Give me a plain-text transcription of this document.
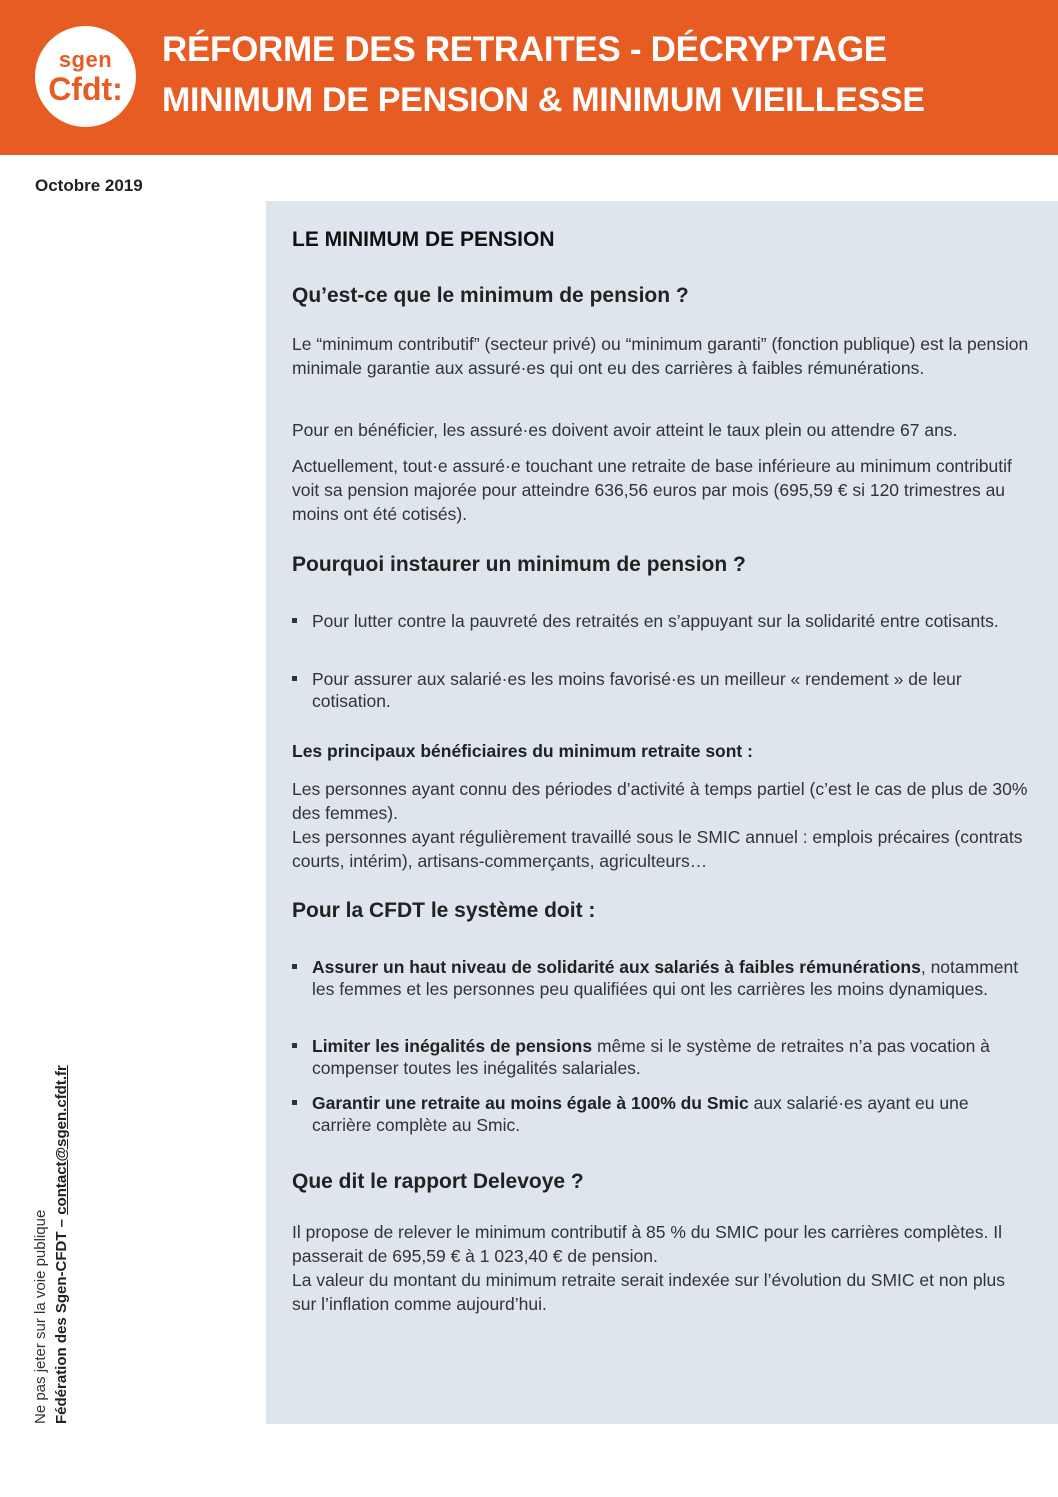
sgen
Cfdt:
RÉFORME DES RETRAITES - DÉCRYPTAGE
MINIMUM DE PENSION & MINIMUM VIEILLESSE
Octobre 2019
LE MINIMUM DE PENSION
Qu’est-ce que le minimum de pension ?

Le “minimum contributif” (secteur privé) ou “minimum garanti” (fonction publique) est la pension minimale garantie aux assuré·es qui ont eu des carrières à faibles rémunérations.

Pour en bénéficier, les assuré·es doivent avoir atteint le taux plein ou attendre 67 ans.

Actuellement, tout·e assuré·e touchant une retraite de base inférieure au minimum contributif voit sa pension majorée pour atteindre 636,56 euros par mois (695,59 € si 120 trimestres au moins ont été cotisés).

Pourquoi instaurer un minimum de pension ?
Pour lutter contre la pauvreté des retraités en s’appuyant sur la solidarité entre cotisants.
Pour assurer aux salarié·es les moins favorisé·es un meilleur « rendement » de leur cotisation.
Les principaux bénéficiaires du minimum retraite sont :

Les personnes ayant connu des périodes d’activité à temps partiel (c’est le cas de plus de 30% des femmes).

Les personnes ayant régulièrement travaillé sous le SMIC annuel : emplois précaires (contrats courts, intérim), artisans-commerçants, agriculteurs…

Pour la CFDT le système doit :
Assurer un haut niveau de solidarité aux salariés à faibles rémunérations, notamment les femmes et les personnes peu qualifiées qui ont les carrières les moins dynamiques.
Limiter les inégalités de pensions même si le système de retraites n’a pas vocation à compenser toutes les inégalités salariales.
Garantir une retraite au moins égale à 100% du Smic aux salarié·es ayant eu une carrière complète au Smic.
Que dit le rapport Delevoye ?

Il propose de relever le minimum contributif à 85 % du SMIC pour les carrières complètes. Il passerait de 695,59 € à 1 023,40 € de pension.

La valeur du montant du minimum retraite serait indexée sur l’évolution du SMIC et non plus sur l’inflation comme aujourd’hui.

Ne pas jeter sur la voie publique Fédération des Sgen-CFDT – contact@sgen.cfdt.fr
